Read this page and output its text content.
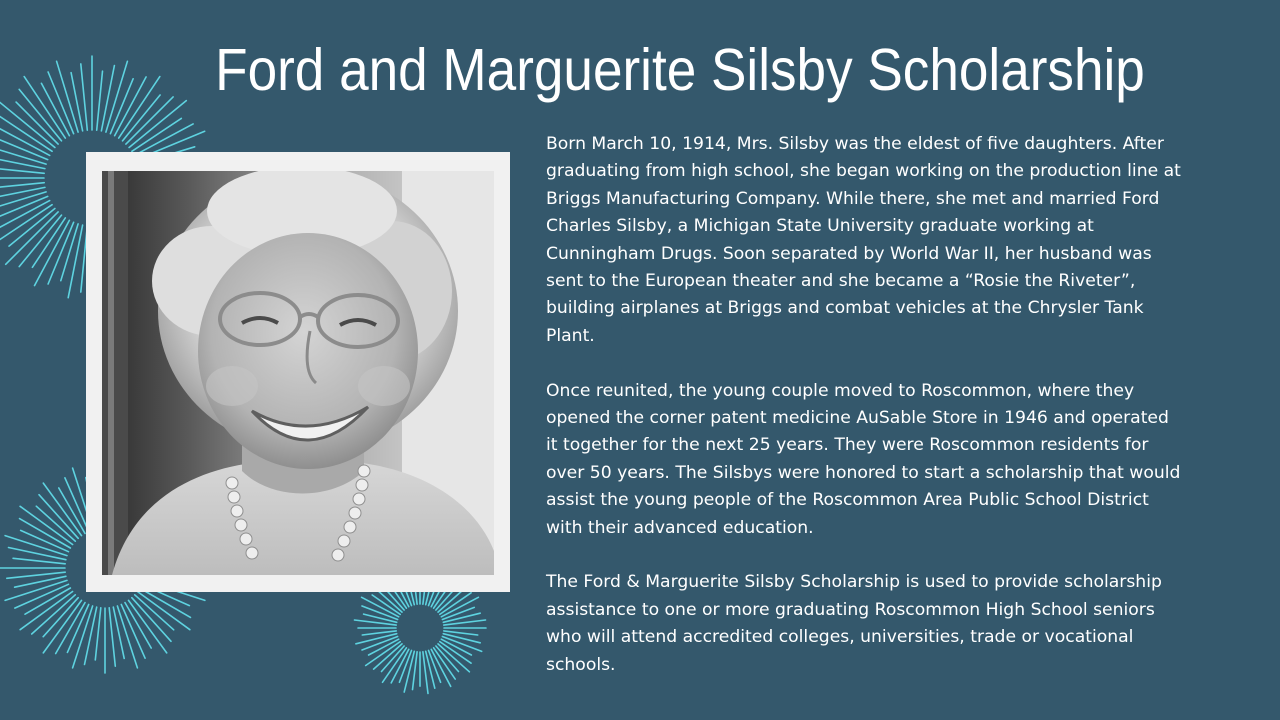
Ford and Marguerite Silsby Scholarship

Born March 10, 1914, Mrs. Silsby was the eldest of five daughters. After
graduating from high school, she began working on the production line at
Briggs Manufacturing Company. While there, she met and married Ford
Charles Silsby, a Michigan State University graduate working at
Cunningham Drugs. Soon separated by World War II, her husband was
sent to the European theater and she became a “Rosie the Riveter”,
building airplanes at Briggs and combat vehicles at the Chrysler Tank
Plant.

Once reunited, the young couple moved to Roscommon, where they
opened the corner patent medicine AuSable Store in 1946 and operated
it together for the next 25 years. They were Roscommon residents for
over 50 years. The Silsbys were honored to start a scholarship that would
assist the young people of the Roscommon Area Public School District
with their advanced education.

The Ford & Marguerite Silsby Scholarship is used to provide scholarship
assistance to one or more graduating Roscommon High School seniors
who will attend accredited colleges, universities, trade or vocational
schools.
